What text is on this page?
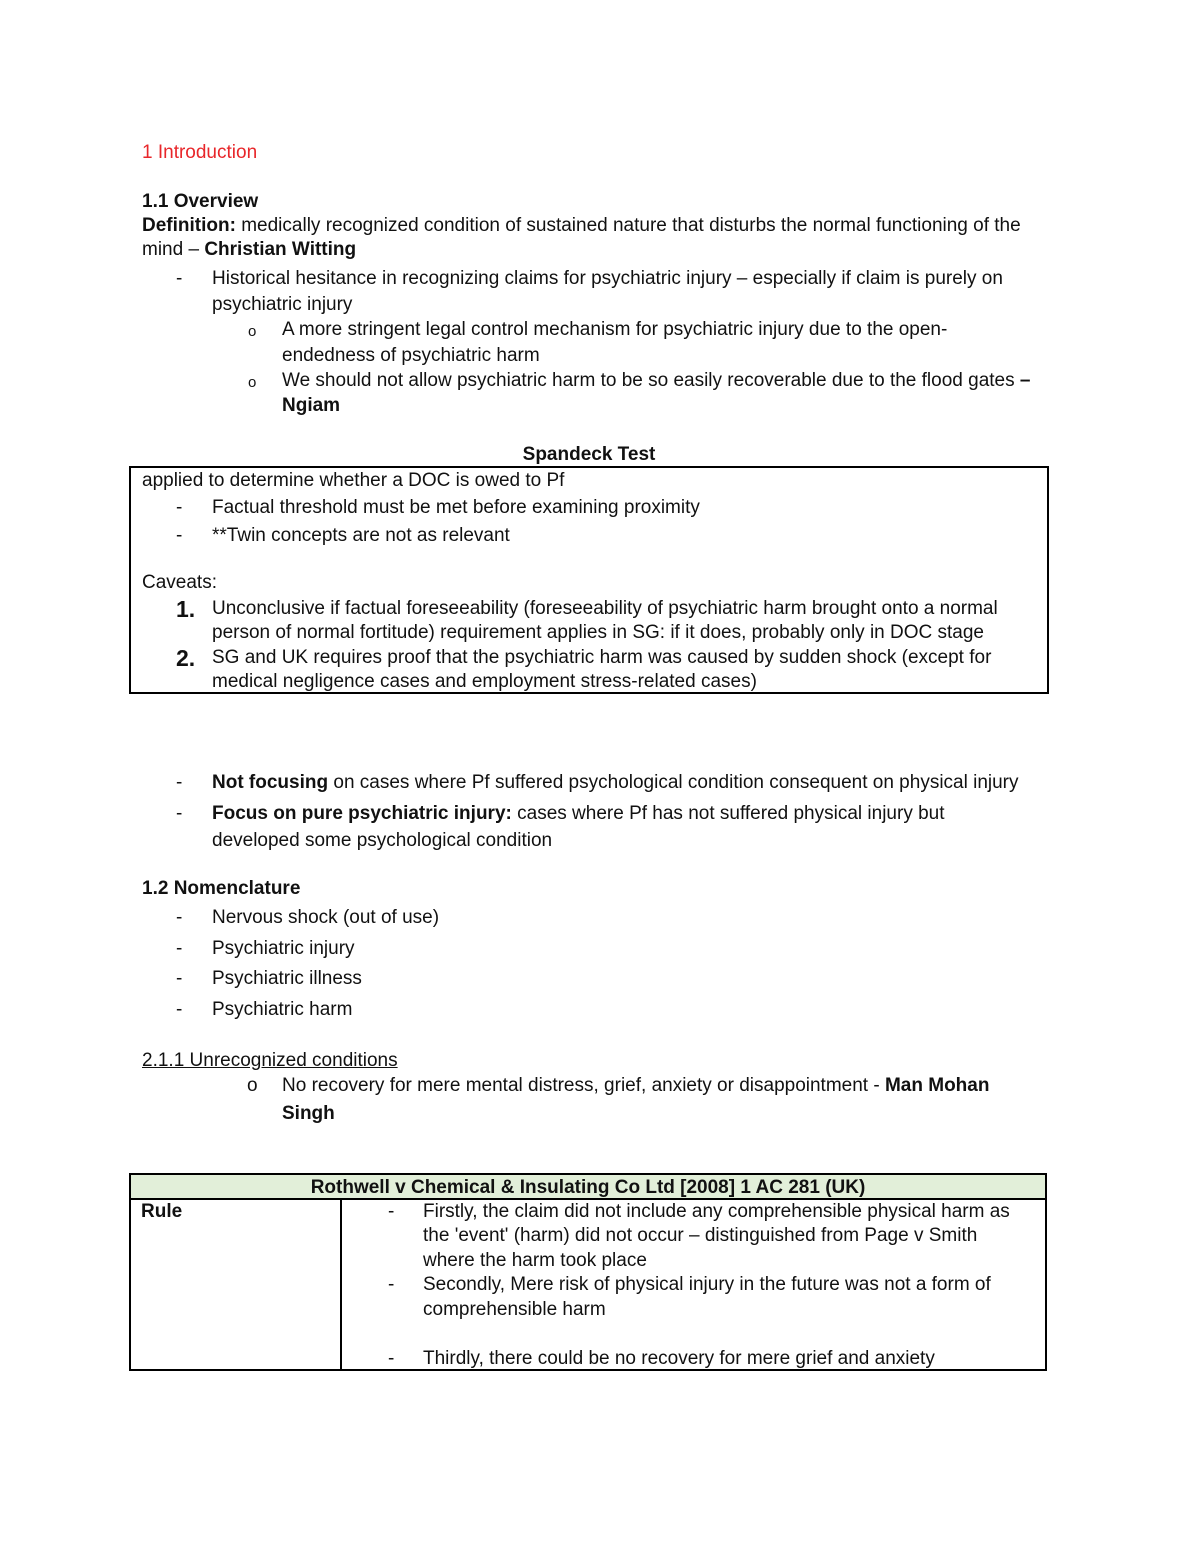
1 Introduction
1.1 Overview
Definition: medically recognized condition of sustained nature that disturbs the normal functioning of the
mind – Christian Witting
- Historical hesitance in recognizing claims for psychiatric injury – especially if claim is purely on
psychiatric injury
o A more stringent legal control mechanism for psychiatric injury due to the open-
endedness of psychiatric harm
o We should not allow psychiatric harm to be so easily recoverable due to the flood gates –
Ngiam
Spandeck Test
applied to determine whether a DOC is owed to Pf
- Factual threshold must be met before examining proximity
- **Twin concepts are not as relevant
Caveats:
1. Unconclusive if factual foreseeability (foreseeability of psychiatric harm brought onto a normal
person of normal fortitude) requirement applies in SG: if it does, probably only in DOC stage
2. SG and UK requires proof that the psychiatric harm was caused by sudden shock (except for
medical negligence cases and employment stress-related cases)
- Not focusing on cases where Pf suffered psychological condition consequent on physical injury
- Focus on pure psychiatric injury: cases where Pf has not suffered physical injury but
developed some psychological condition
1.2 Nomenclature
- Nervous shock (out of use)
- Psychiatric injury
- Psychiatric illness
- Psychiatric harm
2.1.1 Unrecognized conditions
o No recovery for mere mental distress, grief, anxiety or disappointment - Man Mohan
Singh
Rothwell v Chemical & Insulating Co Ltd [2008] 1 AC 281 (UK)
Rule	- Firstly, the claim did not include any comprehensible physical harm as
the 'event' (harm) did not occur – distinguished from Page v Smith
where the harm took place
- Secondly, Mere risk of physical injury in the future was not a form of
comprehensible harm
- Thirdly, there could be no recovery for mere grief and anxiety
